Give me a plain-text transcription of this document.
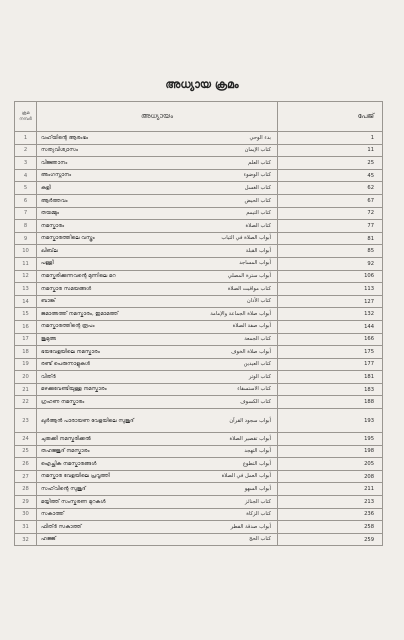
അധ്യായ ക്രമം
ക്രമ നമ്പർ	അധ്യായം	പേജ്
1	വഹ്‌യിന്റെ ആരംഭം بدء الوحي	1
2	സത്യവിശ്വാസം كتاب الإيمان	11
3	വിജ്ഞാനം كتاب العلم	25
4	അംഗസ്നാനം كتاب الوضوء	45
5	കുളി كتاب الغسل	62
6	ആർത്തവം كتاب الحيض	67
7	തയമ്മും كتاب التيمم	72
8	നമസ്കാരം كتاب الصلاة	77
9	നമസ്കാരത്തിലെ വസ്ത്രം أبواب الصلاة في الثياب	81
10	ഖിബ്‌ല أبواب القبلة	85
11	പള്ളി أبواب المساجد	92
12	നമസ്കരിക്കുന്നവന്റെ മുന്നിലെ മറ أبواب سترة المصلي	106
13	നമസ്കാര സമയങ്ങൾ كتاب مواقيت الصلاة	113
14	ബാങ്ക് كتاب الأذان	127
15	ജമാഅത്ത് നമസ്കാരം, ഇമാമത്ത് أبواب صلاة الجماعة والإمامة	132
16	നമസ്കാരത്തിന്റെ രൂപം أبواب صفة الصلاة	144
17	ജുമുഅ كتاب الجمعة	166
18	ഭയവേളയിലെ നമസ്കാരം أبواب صلاة الخوف	175
19	രണ്ട് പെരുന്നാളുകൾ كتاب العيدين	177
20	വിത്ർ كتاب الوتر	181
21	മഴക്കുവേണ്ടിയുള്ള നമസ്കാരം كتاب الاستسقاء	183
22	ഗ്രഹണ നമസ്കാരം كتاب الكسوف	188
23	ഖുർആൻ പാരായണ വേളയിലെ സുജൂദ് أبواب سجود القرآن	193
24	ചുരുക്കി നമസ്കരിക്കൽ أبواب تقصير الصلاة	195
25	തഹജ്ജുദ് നമസ്കാരം أبواب التهجد	198
26	ഐച്ഛിക നമസ്കാരങ്ങൾ أبواب التطوع	205
27	നമസ്കാര വേളയിലെ പ്രവൃത്തി أبواب العمل في الصلاة	208
28	സഹ്‌വിന്റെ സുജൂദ് أبواب السهو	211
29	മയ്യിത്ത് സംസ്കരണ മുറകൾ كتاب الجنائز	213
30	സകാത്ത് كتاب الزكاة	236
31	ഫിത്ർ സകാത്ത് أبواب صدقة الفطر	258
32	ഹജ്ജ് كتاب الحج	259
